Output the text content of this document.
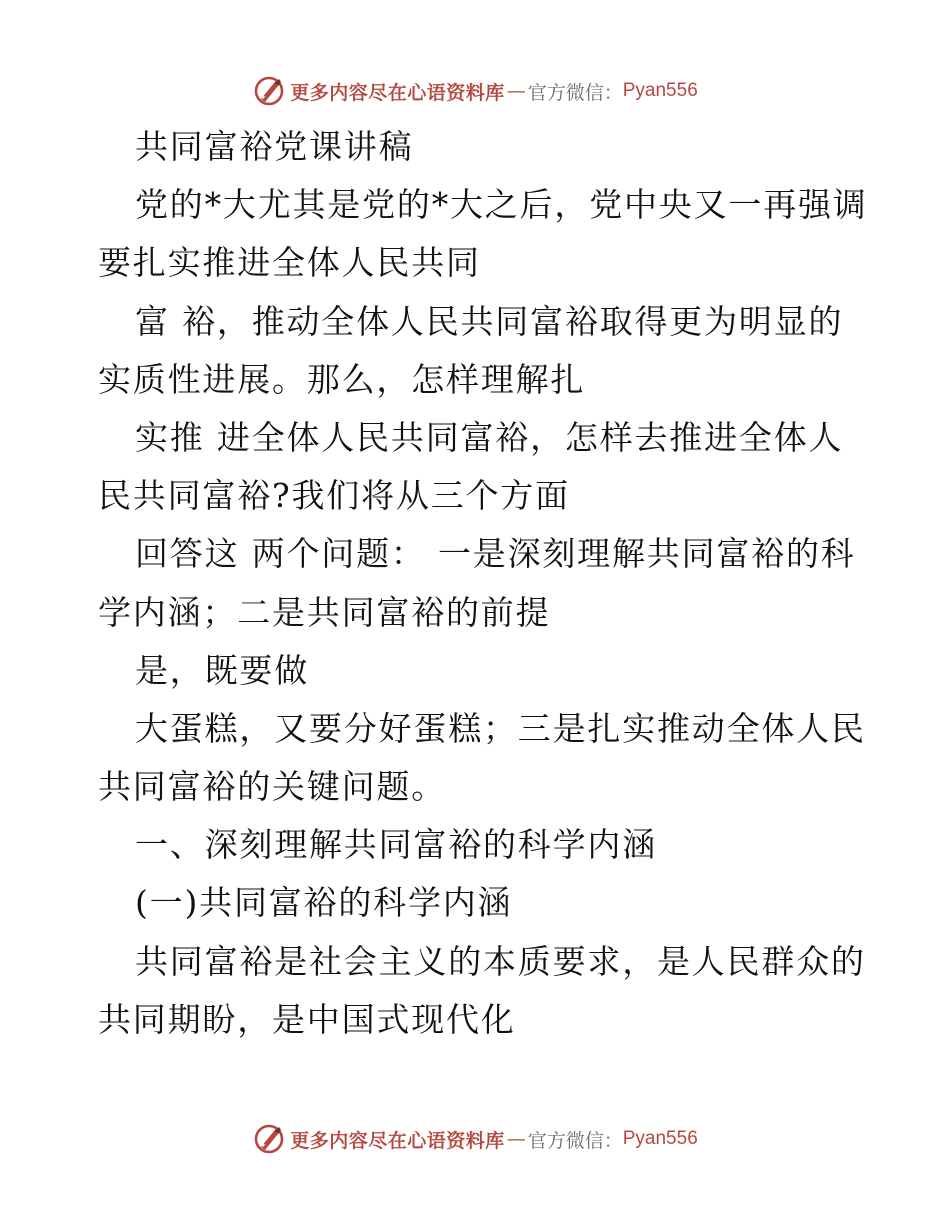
更多内容尽在心语资料库 — 官方微信： Pyan556
共同富裕党课讲稿
党的*大尤其是党的*大之后，党中央又一再强调
要扎实推进全体人民共同
富 裕，推动全体人民共同富裕取得更为明显的
实质性进展。那么，怎样理解扎
实推 进全体人民共同富裕，怎样去推进全体人
民共同富裕?我们将从三个方面
回答这 两个问题： 一是深刻理解共同富裕的科
学内涵；二是共同富裕的前提
是，既要做
大蛋糕，又要分好蛋糕；三是扎实推动全体人民
共同富裕的关键问题。
一、深刻理解共同富裕的科学内涵
(一)共同富裕的科学内涵
共同富裕是社会主义的本质要求，是人民群众的
共同期盼，是中国式现代化
更多内容尽在心语资料库 — 官方微信： Pyan556
